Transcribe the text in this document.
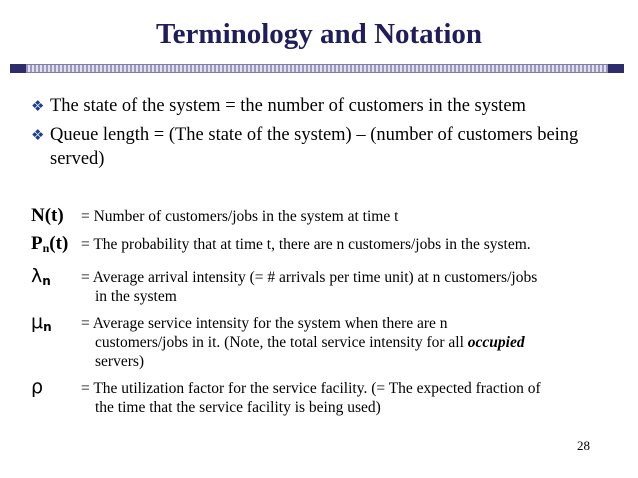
Terminology and Notation
❖ The state of the system = the number of customers in the system
❖ Queue length = (The state of the system) – (number of customers being served)
N(t)	= Number of customers/jobs in the system at time t
$P_n(t)$ = The probability that at time t, there are n customers/jobs in the system.
$\lambda_n$	= Average arrival intensity (= # arrivals per time unit) at n customers/jobs
in the system
$\mu_n$	= Average service intensity for the system when there are n
customers/jobs in it. (Note, the total service intensity for all occupied
servers)
ρ	= The utilization factor for the service facility. (= The expected fraction of
the time that the service facility is being used)
28
